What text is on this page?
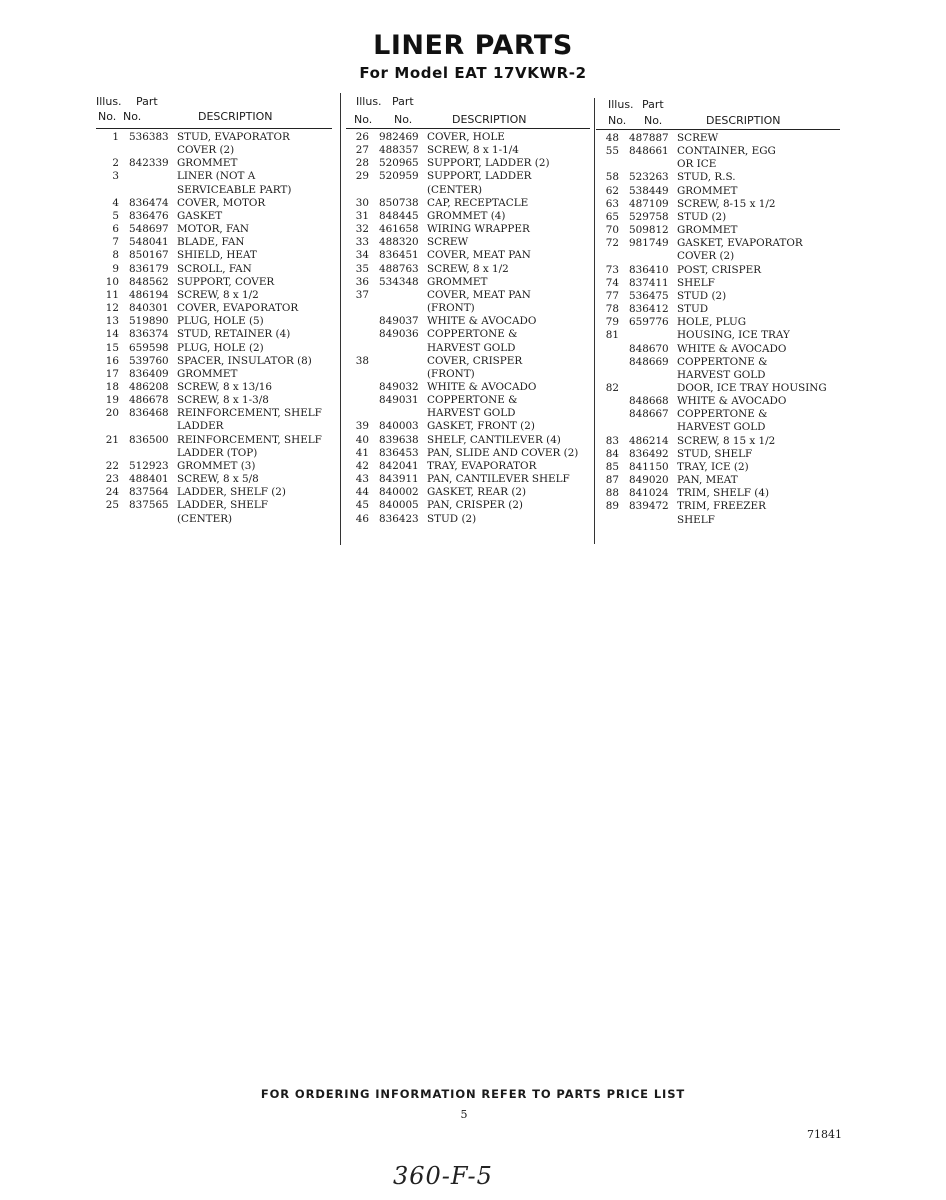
LINER PARTS
For Model EAT 17VKWR-2
Illus. Part
No. No.	DESCRIPTION
1 536383 STUD, EVAPORATOR
COVER (2)
2 842339 GROMMET
3	LINER (NOT A
SERVICEABLE PART)
4 836474 COVER, MOTOR
5 836476 GASKET
6 548697 MOTOR, FAN
7 548041 BLADE, FAN
8 850167 SHIELD, HEAT
9 836179 SCROLL, FAN
10 848562 SUPPORT, COVER
11 486194 SCREW, 8 x 1/2
12 840301 COVER, EVAPORATOR
13 519890 PLUG, HOLE (5)
14 836374 STUD, RETAINER (4)
15 659598 PLUG, HOLE (2)
16 539760 SPACER, INSULATOR (8)
17 836409 GROMMET
18 486208 SCREW, 8 x 13/16
19 486678 SCREW, 8 x 1-3/8
20 836468 REINFORCEMENT, SHELF
LADDER
21 836500 REINFORCEMENT, SHELF
LADDER (TOP)
22 512923 GROMMET (3)
23 488401 SCREW, 8 x 5/8
24 837564 LADDER, SHELF (2)
25 837565 LADDER, SHELF
(CENTER)
Illus. Part
No. No.	DESCRIPTION
26 982469 COVER, HOLE
27 488357 SCREW, 8 x 1-1/4
28 520965 SUPPORT, LADDER (2)
29 520959 SUPPORT, LADDER
(CENTER)
30 850738 CAP, RECEPTACLE
31 848445 GROMMET (4)
32 461658 WIRING WRAPPER
33 488320 SCREW
34 836451 COVER, MEAT PAN
35 488763 SCREW, 8 x 1/2
36 534348 GROMMET
37	COVER, MEAT PAN
(FRONT)
849037 WHITE & AVOCADO
849036 COPPERTONE &
HARVEST GOLD
38	COVER, CRISPER
(FRONT)
849032 WHITE & AVOCADO
849031 COPPERTONE &
HARVEST GOLD
39 840003 GASKET, FRONT (2)
40 839638 SHELF, CANTILEVER (4)
41 836453 PAN, SLIDE AND COVER (2)
42 842041 TRAY, EVAPORATOR
43 843911 PAN, CANTILEVER SHELF
44 840002 GASKET, REAR (2)
45 840005 PAN, CRISPER (2)
46 836423 STUD (2)
Illus. Part
No. No.	DESCRIPTION
48 487887 SCREW
55 848661 CONTAINER, EGG
OR ICE
58 523263 STUD, R.S.
62 538449 GROMMET
63 487109 SCREW, 8-15 x 1/2
65 529758 STUD (2)
70 509812 GROMMET
72 981749 GASKET, EVAPORATOR
COVER (2)
73 836410 POST, CRISPER
74 837411 SHELF
77 536475 STUD (2)
78 836412 STUD
79 659776 HOLE, PLUG
81	HOUSING, ICE TRAY
848670 WHITE & AVOCADO
848669 COPPERTONE &
HARVEST GOLD
82	DOOR, ICE TRAY HOUSING
848668 WHITE & AVOCADO
848667 COPPERTONE &
HARVEST GOLD
83 486214 SCREW, 8 15 x 1/2
84 836492 STUD, SHELF
85 841150 TRAY, ICE (2)
87 849020 PAN, MEAT
88 841024 TRIM, SHELF (4)
89 839472 TRIM, FREEZER
SHELF
FOR ORDERING INFORMATION REFER TO PARTS PRICE LIST
5
71841
360-F-5
